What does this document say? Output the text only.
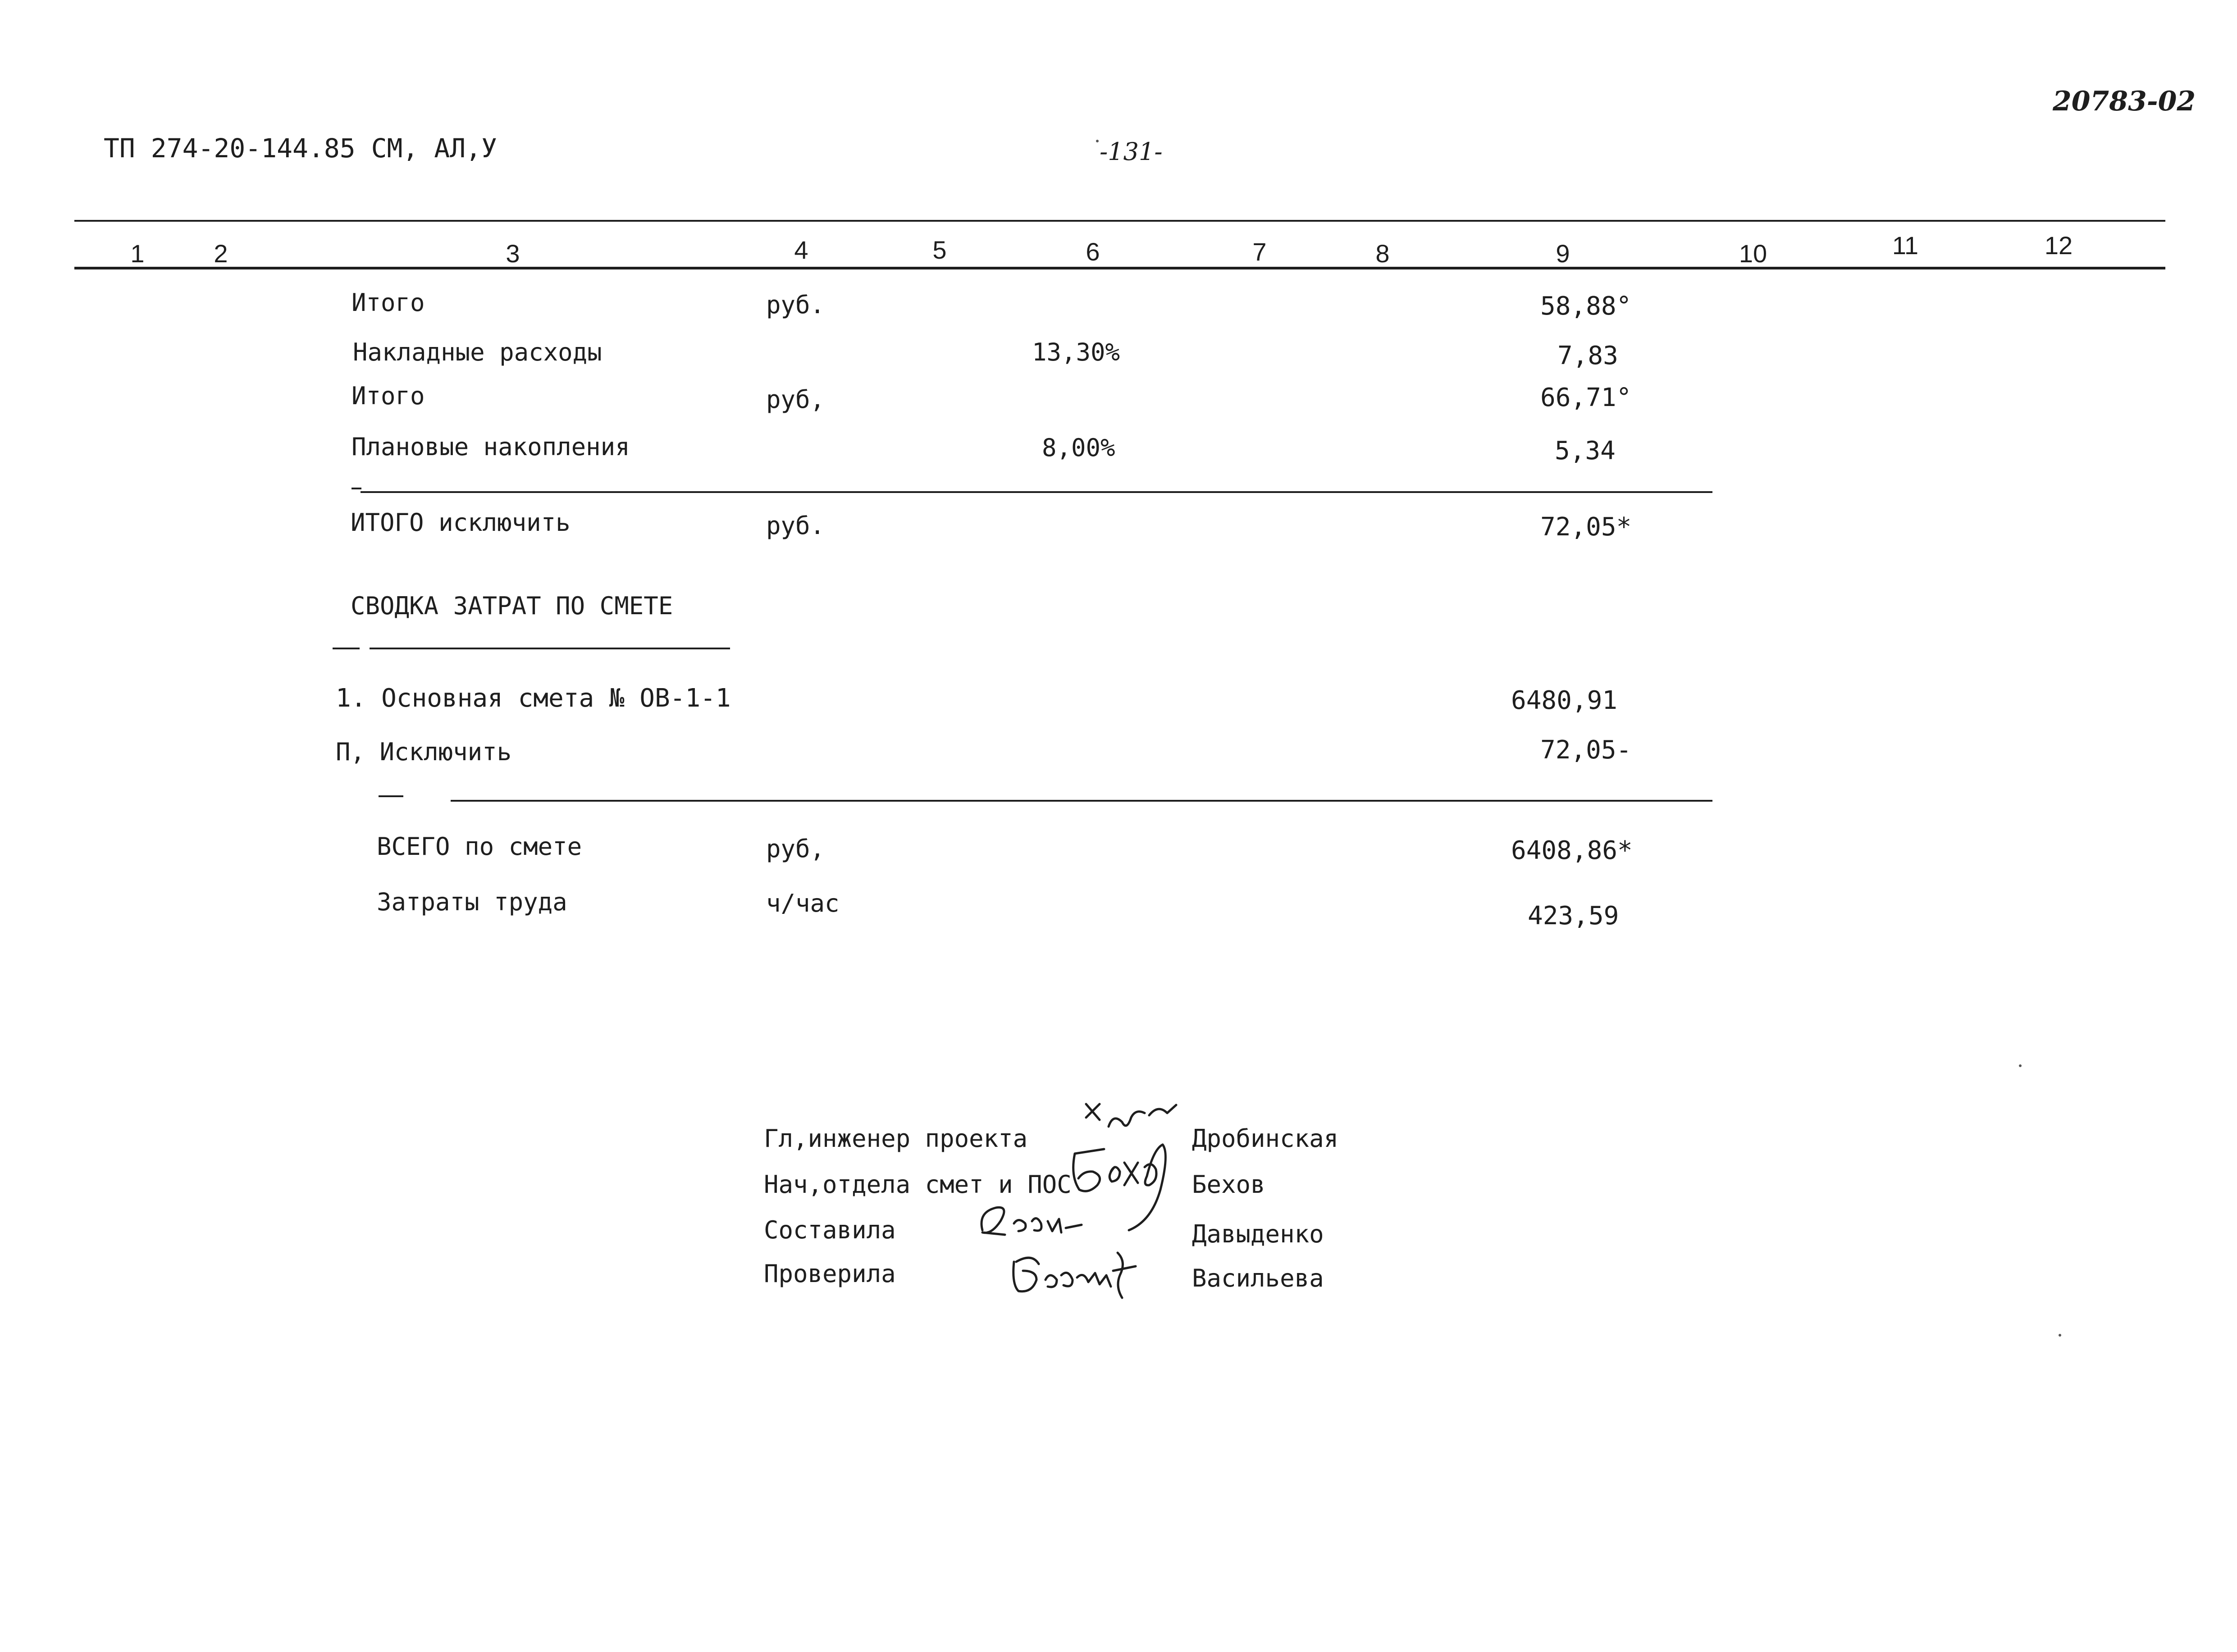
ТП 274-20-144.85 СМ, АЛ,У	-131-
20783-02
1	2	3	4	5	6	7	8	9	10	11	12
Итого	руб.	58,88°
Накладные расходы	13,30%	7,83
Итого	руб,	66,71°
Плановые накопления	8,00%	5,34
ИТОГО исключить	руб.	72,05*
СВОДКА ЗАТРАТ ПО СМЕТЕ
1. Основная смета № ОВ-1-1	6480,91
П, Исключить	72,05-
ВСЕГО по смете	руб,	6408,86*
Затраты труда	ч/час	423,59
Гл,инженер проекта	Дробинская
Нач,отдела смет и ПОС	Бехов
Составила	Давыденко
Проверила	Васильева
